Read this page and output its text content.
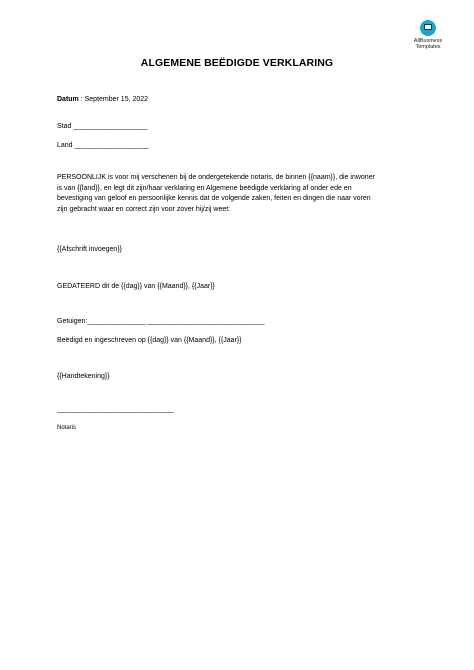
AllBusiness
Templates
ALGEMENE BEËDIGDE VERKLARING
Datum : September 15, 2022
Stad ___________________
Land ___________________
PERSOONLIJK is voor mij verschenen bij de ondergetekende notaris, de binnen {{naam}}, die inwoner
is van {{land}}, en legt dit zijn/haar verklaring en Algemene beëdigde verklaring af onder ede en
bevestiging van geloof en persoonlijke kennis dat de volgende zaken, feiten en dingen die naar voren
zijn gebracht waar en correct zijn voor zover hij/zij weet:
{{Afschrift invoegen}}
GEDATEERD dit de {{dag}} van {{Maand}}, {{Jaar}}
Getuigen:_______________ ______________________________
Beëdigd en ingeschreven op {{dag}} van {{Maand}}, {{Jaar}}
{{Handtekening}}
______________________________
Notaris
